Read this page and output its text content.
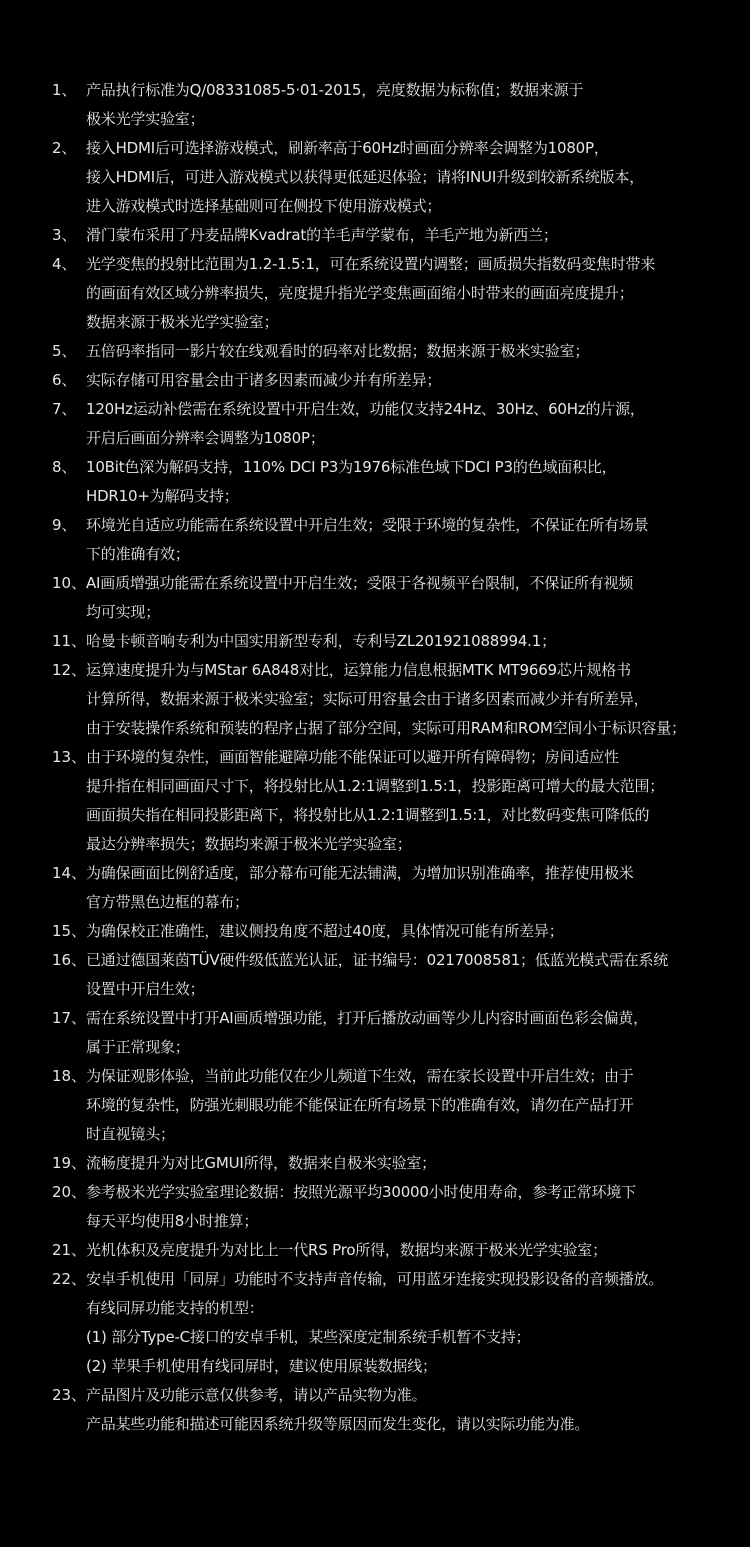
1、 产品执行标准为Q/08331085-5·01-2015，亮度数据为标称值；数据来源于
极米光学实验室；
2、 接入HDMI后可选择游戏模式，刷新率高于60Hz时画面分辨率会调整为1080P，
接入HDMI后，可进入游戏模式以获得更低延迟体验；请将INUI升级到较新系统版本，
进入游戏模式时选择基础则可在侧投下使用游戏模式；
3、 滑门蒙布采用了丹麦品牌Kvadrat的羊毛声学蒙布，羊毛产地为新西兰；
4、 光学变焦的投射比范围为1.2-1.5:1，可在系统设置内调整；画质损失指数码变焦时带来
的画面有效区域分辨率损失，亮度提升指光学变焦画面缩小时带来的画面亮度提升；
数据来源于极米光学实验室；
5、 五倍码率指同一影片较在线观看时的码率对比数据；数据来源于极米实验室；
6、 实际存储可用容量会由于诸多因素而减少并有所差异；
7、 120Hz运动补偿需在系统设置中开启生效，功能仅支持24Hz、30Hz、60Hz的片源，
开启后画面分辨率会调整为1080P；
8、 10Bit色深为解码支持，110% DCI P3为1976标准色域下DCI P3的色域面积比，
HDR10+为解码支持；
9、 环境光自适应功能需在系统设置中开启生效；受限于环境的复杂性，不保证在所有场景
下的准确有效；
10、 AI画质增强功能需在系统设置中开启生效；受限于各视频平台限制，不保证所有视频
均可实现；
11、 哈曼卡顿音响专利为中国实用新型专利，专利号ZL201921088994.1；
12、 运算速度提升为与MStar 6A848对比，运算能力信息根据MTK MT9669芯片规格书
计算所得，数据来源于极米实验室；实际可用容量会由于诸多因素而减少并有所差异，
由于安装操作系统和预装的程序占据了部分空间，实际可用RAM和ROM空间小于标识容量；
13、 由于环境的复杂性，画面智能避障功能不能保证可以避开所有障碍物；房间适应性
提升指在相同画面尺寸下，将投射比从1.2:1调整到1.5:1，投影距离可增大的最大范围；
画面损失指在相同投影距离下，将投射比从1.2:1调整到1.5:1，对比数码变焦可降低的
最达分辨率损失；数据均来源于极米光学实验室；
14、 为确保画面比例舒适度，部分幕布可能无法铺满，为增加识别准确率，推荐使用极米
官方带黑色边框的幕布；
15、 为确保校正准确性，建议侧投角度不超过40度，具体情况可能有所差异；
16、 已通过德国莱茵TÜV硬件级低蓝光认证，证书编号：0217008581；低蓝光模式需在系统
设置中开启生效；
17、 需在系统设置中打开AI画质增强功能，打开后播放动画等少儿内容时画面色彩会偏黄，
属于正常现象；
18、 为保证观影体验，当前此功能仅在少儿频道下生效，需在家长设置中开启生效；由于
环境的复杂性，防强光刺眼功能不能保证在所有场景下的准确有效，请勿在产品打开
时直视镜头；
19、 流畅度提升为对比GMUI所得，数据来自极米实验室；
20、 参考极米光学实验室理论数据：按照光源平均30000小时使用寿命，参考正常环境下
每天平均使用8小时推算；
21、 光机体积及亮度提升为对比上一代RS Pro所得，数据均来源于极米光学实验室；
22、 安卓手机使用「同屏」功能时不支持声音传输，可用蓝牙连接实现投影设备的音频播放。
有线同屏功能支持的机型：
(1) 部分Type-C接口的安卓手机，某些深度定制系统手机暂不支持；
(2) 苹果手机使用有线同屏时，建议使用原装数据线；
23、 产品图片及功能示意仅供参考，请以产品实物为准。
产品某些功能和描述可能因系统升级等原因而发生变化，请以实际功能为准。
